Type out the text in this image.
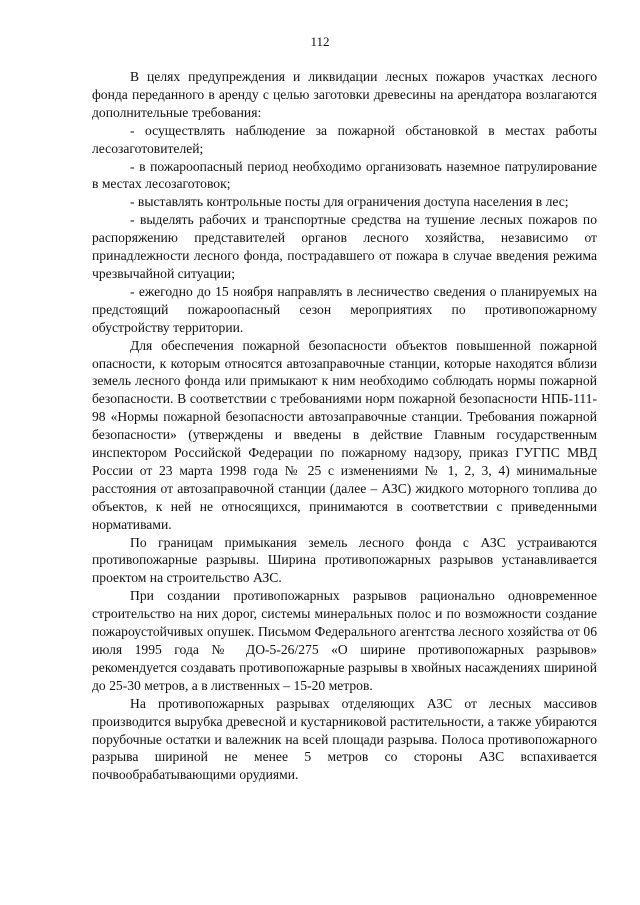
112

В целях предупреждения и ликвидации лесных пожаров участках лесного фонда переданного в аренду с целью заготовки древесины на арендатора возлагаются дополнительные требования:

- осуществлять наблюдение за пожарной обстановкой в местах работы лесозаготовителей;

- в пожароопасный период необходимо организовать наземное патрулирование в местах лесозаготовок;

- выставлять контрольные посты для ограничения доступа населения в лес;

- выделять рабочих и транспортные средства на тушение лесных пожаров по распоряжению представителей органов лесного хозяйства, независимо от принадлежности лесного фонда, пострадавшего от пожара в случае введения режима чрезвычайной ситуации;

- ежегодно до 15 ноября направлять в лесничество сведения о планируемых на предстоящий пожароопасный сезон мероприятиях по противопожарному обустройству территории.

Для обеспечения пожарной безопасности объектов повышенной пожарной опасности, к которым относятся автозаправочные станции, которые находятся вблизи земель лесного фонда или примыкают к ним необходимо соблюдать нормы пожарной безопасности. В соответствии с требованиями норм пожарной безопасности НПБ-111-98 «Нормы пожарной безопасности автозаправочные станции. Требования пожарной безопасности» (утверждены и введены в действие Главным государственным инспектором Российской Федерации по пожарному надзору, приказ ГУГПС МВД России от 23 марта 1998 года № 25 с изменениями № 1, 2, 3, 4) минимальные расстояния от автозаправочной станции (далее – АЗС) жидкого моторного топлива до объектов, к ней не относящихся, принимаются в соответствии с приведенными нормативами.

По границам примыкания земель лесного фонда с АЗС устраиваются противопожарные разрывы. Ширина противопожарных разрывов устанавливается проектом на строительство АЗС.

При создании противопожарных разрывов рационально одновременное строительство на них дорог, системы минеральных полос и по возможности создание пожароустойчивых опушек. Письмом Федерального агентства лесного хозяйства от 06 июля 1995 года № ДО-5-26/275 «О ширине противопожарных разрывов» рекомендуется создавать противопожарные разрывы в хвойных насаждениях шириной до 25-30 метров, а в лиственных – 15-20 метров.

На противопожарных разрывах отделяющих АЗС от лесных массивов производится вырубка древесной и кустарниковой растительности, а также убираются порубочные остатки и валежник на всей площади разрыва. Полоса противопожарного разрыва шириной не менее 5 метров со стороны АЗС вспахивается почвообрабатывающими орудиями.
